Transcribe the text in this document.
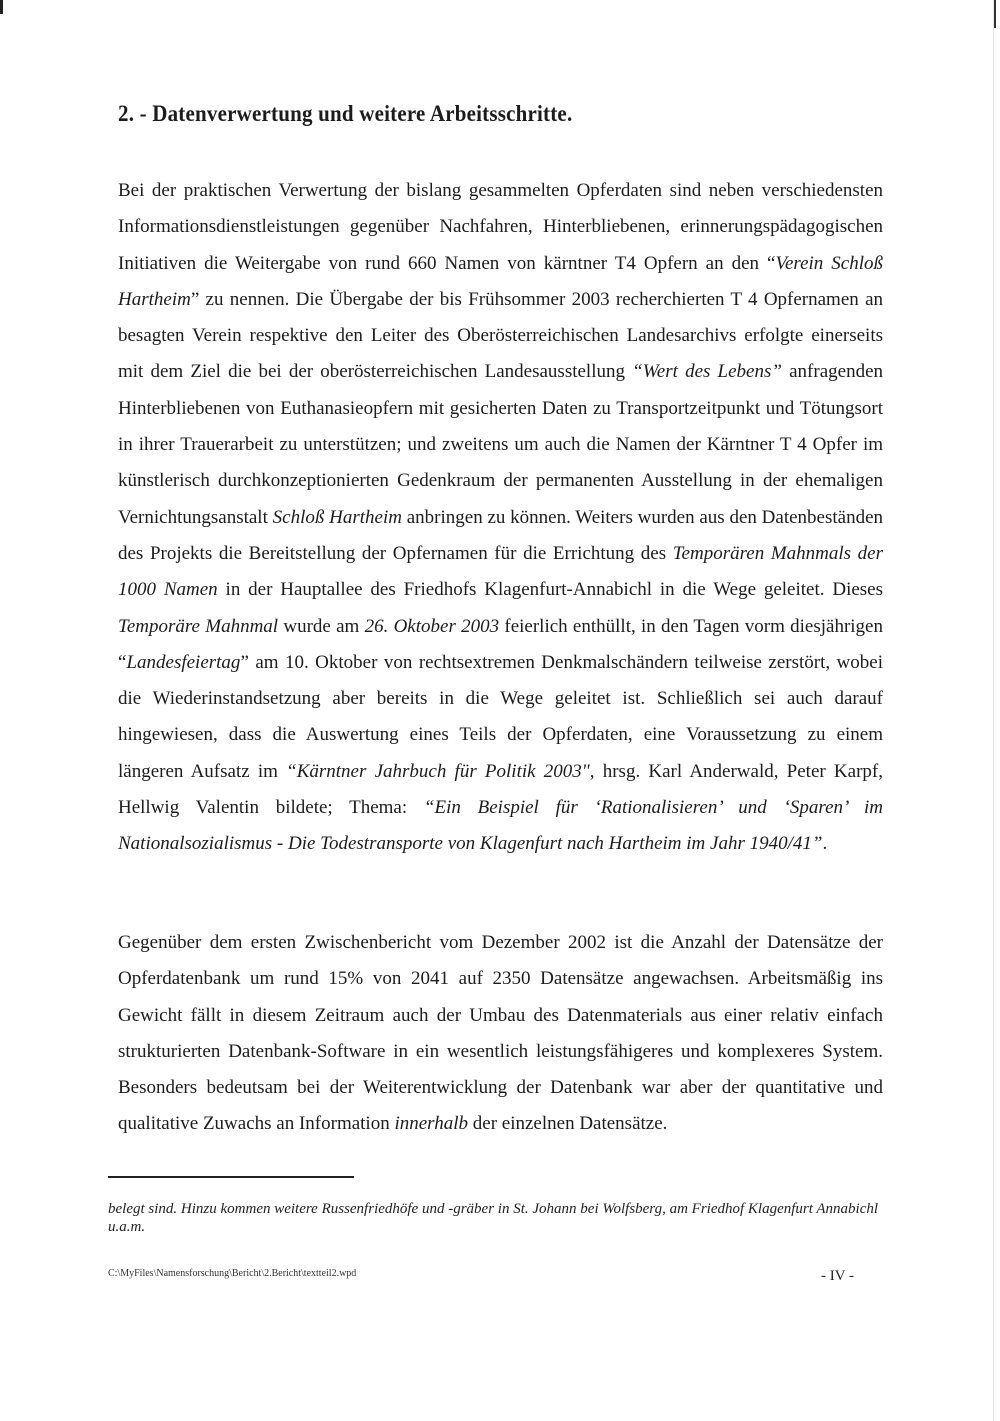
2. - Datenverwertung und weitere Arbeitsschritte.

Bei der praktischen Verwertung der bislang gesammelten Opferdaten sind neben verschiedensten Informationsdienstleistungen gegenüber Nachfahren, Hinterbliebenen, erinnerungspädagogischen Initiativen die Weitergabe von rund 660 Namen von kärntner T4 Opfern an den “Verein Schloß Hartheim” zu nennen. Die Übergabe der bis Frühsommer 2003 recherchierten T 4 Opfernamen an besagten Verein respektive den Leiter des Oberösterreichischen Landesarchivs erfolgte einerseits mit dem Ziel die bei der oberösterreichischen Landesausstellung “Wert des Lebens” anfragenden Hinterbliebenen von Euthanasieopfern mit gesicherten Daten zu Transportzeitpunkt und Tötungsort in ihrer Trauerarbeit zu unterstützen; und zweitens um auch die Namen der Kärntner T 4 Opfer im künstlerisch durchkonzeptionierten Gedenkraum der permanenten Ausstellung in der ehemaligen Vernichtungsanstalt Schloß Hartheim anbringen zu können. Weiters wurden aus den Datenbeständen des Projekts die Bereitstellung der Opfernamen für die Errichtung des Temporären Mahnmals der 1000 Namen in der Hauptallee des Friedhofs Klagenfurt-Annabichl in die Wege geleitet. Dieses Temporäre Mahnmal wurde am 26. Oktober 2003 feierlich enthüllt, in den Tagen vorm diesjährigen “Landesfeiertag” am 10. Oktober von rechtsextremen Denkmalschändern teilweise zerstört, wobei die Wiederinstandsetzung aber bereits in die Wege geleitet ist. Schließlich sei auch darauf hingewiesen, dass die Auswertung eines Teils der Opferdaten, eine Voraussetzung zu einem längeren Aufsatz im “Kärntner Jahrbuch für Politik 2003", hrsg. Karl Anderwald, Peter Karpf, Hellwig Valentin bildete; Thema: “Ein Beispiel für ‘Rationalisieren’ und ‘Sparen’ im Nationalsozialismus - Die Todestransporte von Klagenfurt nach Hartheim im Jahr 1940/41”.

Gegenüber dem ersten Zwischenbericht vom Dezember 2002 ist die Anzahl der Datensätze der Opferdatenbank um rund 15% von 2041 auf 2350 Datensätze angewachsen. Arbeitsmäßig ins Gewicht fällt in diesem Zeitraum auch der Umbau des Datenmaterials aus einer relativ einfach strukturierten Datenbank-Software in ein wesentlich leistungsfähigeres und komplexeres System. Besonders bedeutsam bei der Weiterentwicklung der Datenbank war aber der quantitative und qualitative Zuwachs an Information innerhalb der einzelnen Datensätze.

belegt sind. Hinzu kommen weitere Russenfriedhöfe und -gräber in St. Johann bei Wolfsberg, am Friedhof Klagenfurt Annabichl u.a.m.

C:\MyFiles\Namensforschung\Bericht\2.Bericht\textteil2.wpd	- IV -
